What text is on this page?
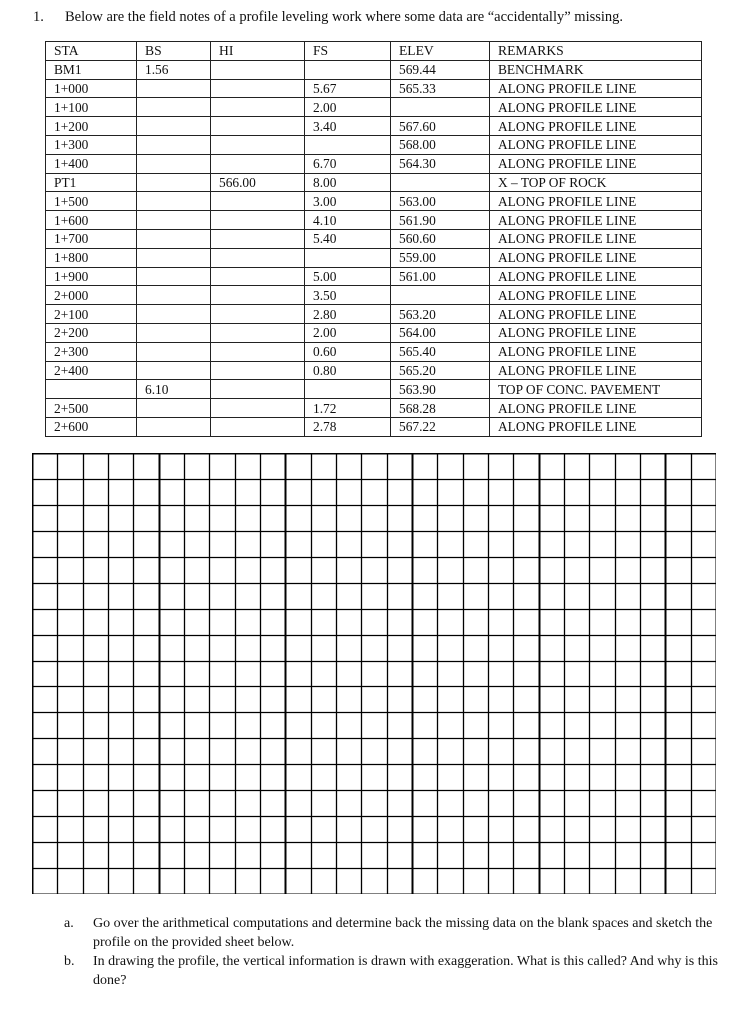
1. Below are the field notes of a profile leveling work where some data are “accidentally” missing.
STA	BS	HI	FS	ELEV	REMARKS
BM1	1.56			569.44	BENCHMARK
1+000			5.67	565.33	ALONG PROFILE LINE
1+100			2.00		ALONG PROFILE LINE
1+200			3.40	567.60	ALONG PROFILE LINE
1+300				568.00	ALONG PROFILE LINE
1+400			6.70	564.30	ALONG PROFILE LINE
PT1		566.00	8.00		X – TOP OF ROCK
1+500			3.00	563.00	ALONG PROFILE LINE
1+600			4.10	561.90	ALONG PROFILE LINE
1+700			5.40	560.60	ALONG PROFILE LINE
1+800				559.00	ALONG PROFILE LINE
1+900			5.00	561.00	ALONG PROFILE LINE
2+000			3.50		ALONG PROFILE LINE
2+100			2.80	563.20	ALONG PROFILE LINE
2+200			2.00	564.00	ALONG PROFILE LINE
2+300			0.60	565.40	ALONG PROFILE LINE
2+400			0.80	565.20	ALONG PROFILE LINE
	6.10			563.90	TOP OF CONC. PAVEMENT
2+500			1.72	568.28	ALONG PROFILE LINE
2+600			2.78	567.22	ALONG PROFILE LINE
a.	Go over the arithmetical computations and determine back the missing data on the blank spaces and sketch the profile on the provided sheet below.
b.	In drawing the profile, the vertical information is drawn with exaggeration. What is this called? And why is this done?
